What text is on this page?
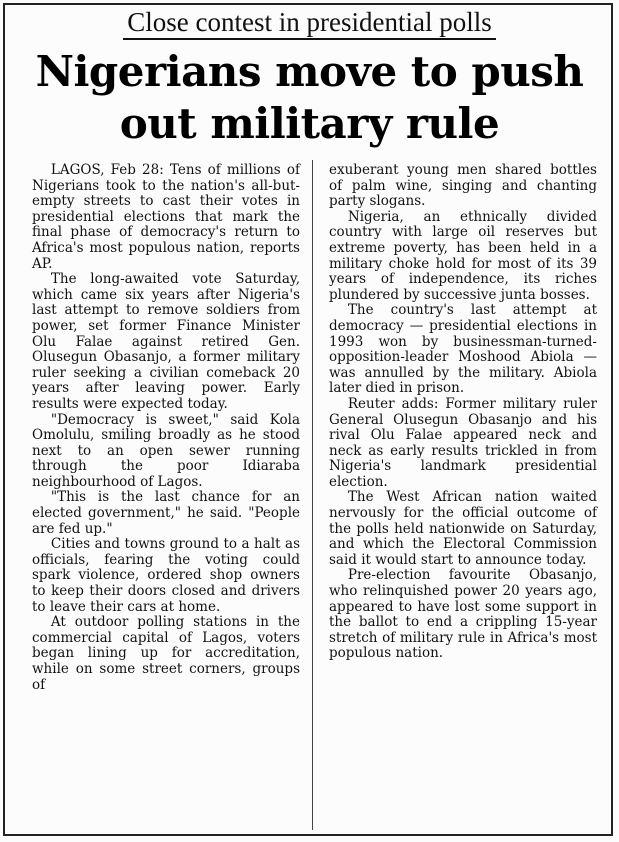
Close contest in presidential polls
Nigerians move to push
out military rule

LAGOS, Feb 28: Tens of millions of Nigerians took to the nation's all-but-empty streets to cast their votes in presidential elections that mark the final phase of democracy's return to Africa's most populous nation, reports AP.

The long-awaited vote Saturday, which came six years after Nigeria's last attempt to remove soldiers from power, set former Finance Minister Olu Falae against retired Gen. Olusegun Obasanjo, a former military ruler seeking a civilian comeback 20 years after leaving power. Early results were expected today.

"Democracy is sweet," said Kola Omolulu, smiling broadly as he stood next to an open sewer running through the poor Idiaraba neighbourhood of Lagos.

"This is the last chance for an elected government," he said. "People are fed up."

Cities and towns ground to a halt as officials, fearing the voting could spark violence, ordered shop owners to keep their doors closed and drivers to leave their cars at home.

At outdoor polling stations in the commercial capital of Lagos, voters began lining up for accreditation, while on some street corners, groups of

exuberant young men shared bottles of palm wine, singing and chanting party slogans.

Nigeria, an ethnically divided country with large oil reserves but extreme poverty, has been held in a military choke hold for most of its 39 years of independence, its riches plundered by successive junta bosses.

The country's last attempt at democracy — presidential elections in 1993 won by businessman-turned-opposition-leader Moshood Abiola — was annulled by the military. Abiola later died in prison.

Reuter adds: Former military ruler General Olusegun Obasanjo and his rival Olu Falae appeared neck and neck as early results trickled in from Nigeria's landmark presidential election.

The West African nation waited nervously for the official outcome of the polls held nationwide on Saturday, and which the Electoral Commission said it would start to announce today.

Pre-election favourite Obasanjo, who relinquished power 20 years ago, appeared to have lost some support in the ballot to end a crippling 15-year stretch of military rule in Africa's most populous nation.
